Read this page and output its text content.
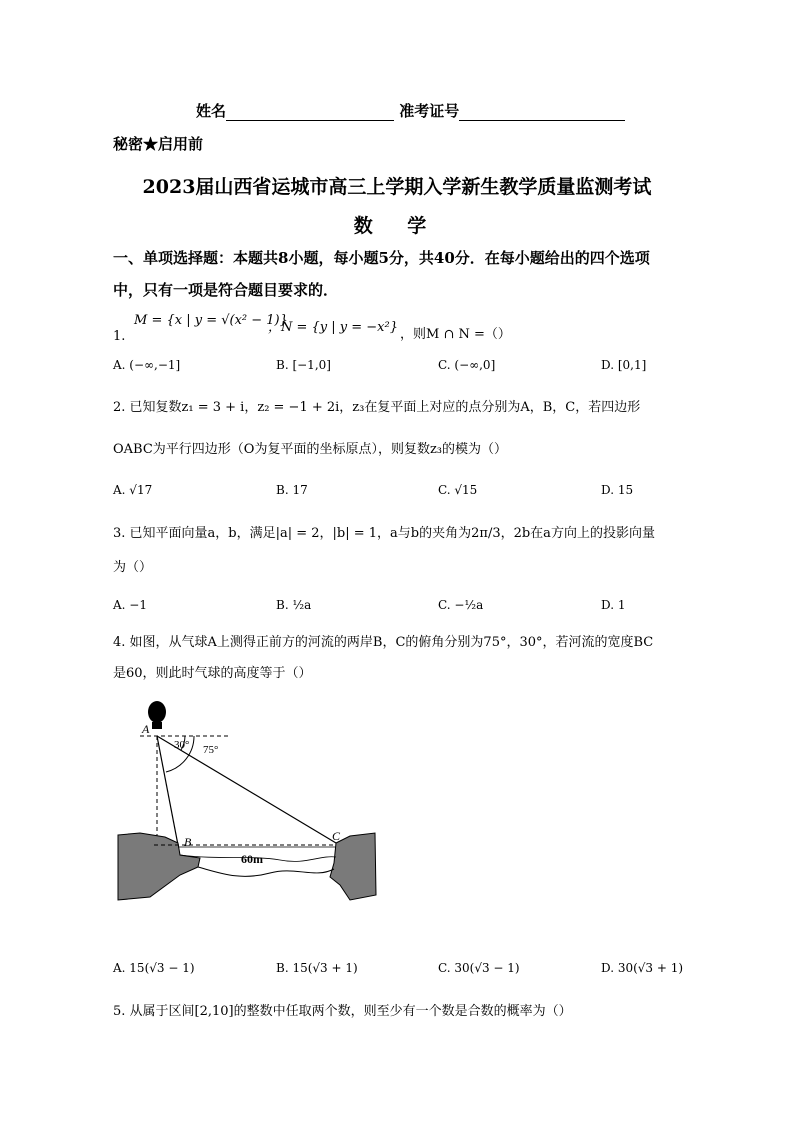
姓名	准考证号
秘密★启用前
2023届山西省运城市高三上学期入学新生教学质量监测考试
数 学
一、单项选择题：本题共8小题，每小题5分，共40分．在每小题给出的四个选项
中，只有一项是符合题目要求的．
1.
M = {x | y = √(x² − 1)}
，N = {y | y = −x²} ，则M ∩ N =（）
A. (−∞,−1]	B. [−1,0]	C. (−∞,0]	D. [0,1]
2. 已知复数z₁ = 3 + i，z₂ = −1 + 2i，z₃在复平面上对应的点分别为A，B，C，若四边形
OABC为平行四边形（O为复平面的坐标原点），则复数z₃的模为（）
A. √17	B. 17	C. √15	D. 15
3. 已知平面向量a，b，满足|a| = 2，|b| = 1，a与b的夹角为2π/3，2b在a方向上的投影向量
为（）
A. −1	B. ½a	C. −½a	D. 1
4. 如图，从气球A上测得正前方的河流的两岸B，C的俯角分别为75°，30°，若河流的宽度BC
是60，则此时气球的高度等于（）
A
B	C
30° 75°
60m
A. 15(√3 − 1)	B. 15(√3 + 1)	C. 30(√3 − 1)	D. 30(√3 + 1)
5. 从属于区间[2,10]的整数中任取两个数，则至少有一个数是合数的概率为（）
